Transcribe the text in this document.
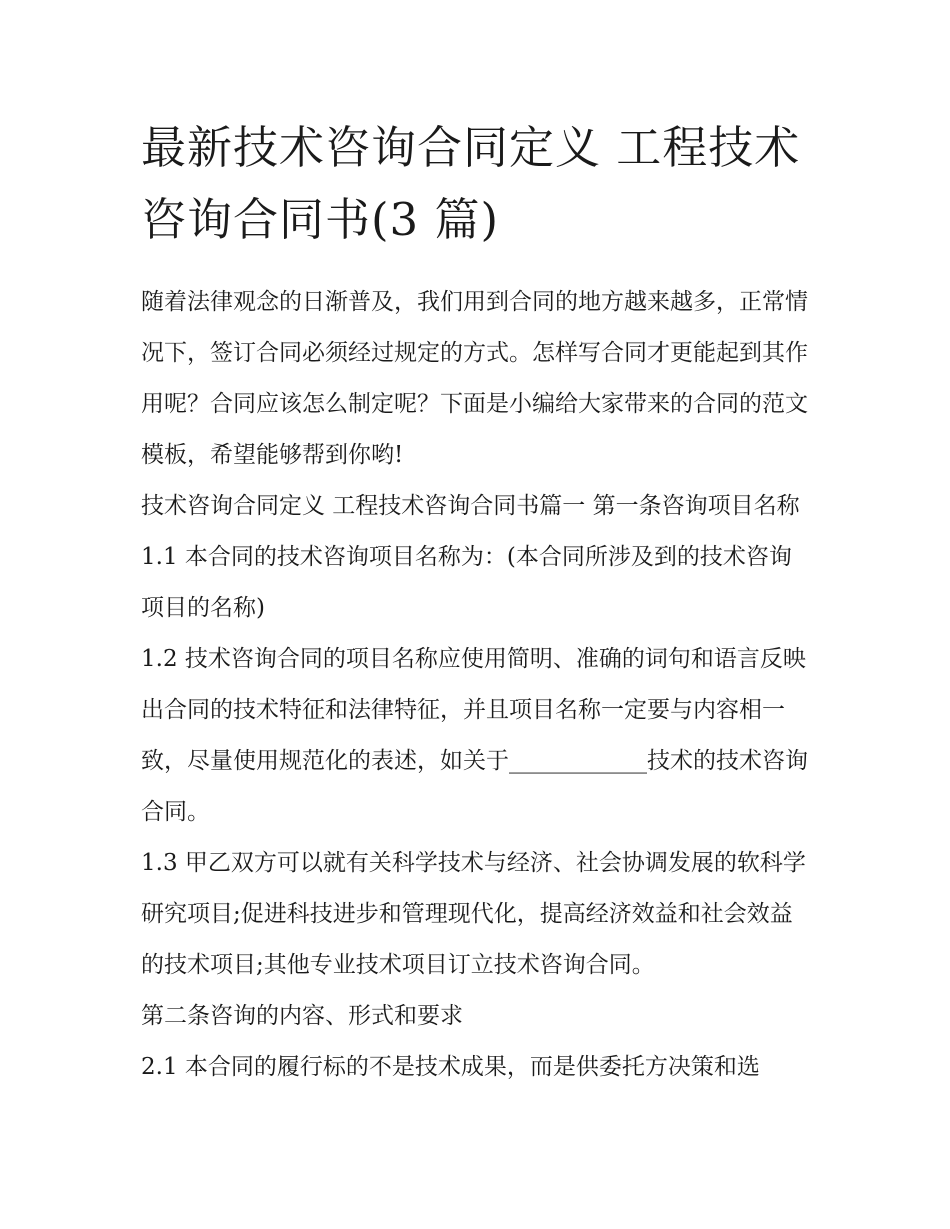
最新技术咨询合同定义 工程技术咨询合同书(3 篇)

随着法律观念的日渐普及，我们用到合同的地方越来越多，正常情况下，签订合同必须经过规定的方式。怎样写合同才更能起到其作用呢？合同应该怎么制定呢？下面是小编给大家带来的合同的范文模板，希望能够帮到你哟!

技术咨询合同定义 工程技术咨询合同书篇一 第一条咨询项目名称 1.1 本合同的技术咨询项目名称为：(本合同所涉及到的技术咨询项目的名称)

1.2 技术咨询合同的项目名称应使用简明、准确的词句和语言反映出合同的技术特征和法律特征，并且项目名称一定要与内容相一致，尽量使用规范化的表述，如关于____________技术的技术咨询合同。

1.3 甲乙双方可以就有关科学技术与经济、社会协调发展的软科学研究项目;促进科技进步和管理现代化，提高经济效益和社会效益的技术项目;其他专业技术项目订立技术咨询合同。

第二条咨询的内容、形式和要求

2.1 本合同的履行标的不是技术成果，而是供委托方决策和选
